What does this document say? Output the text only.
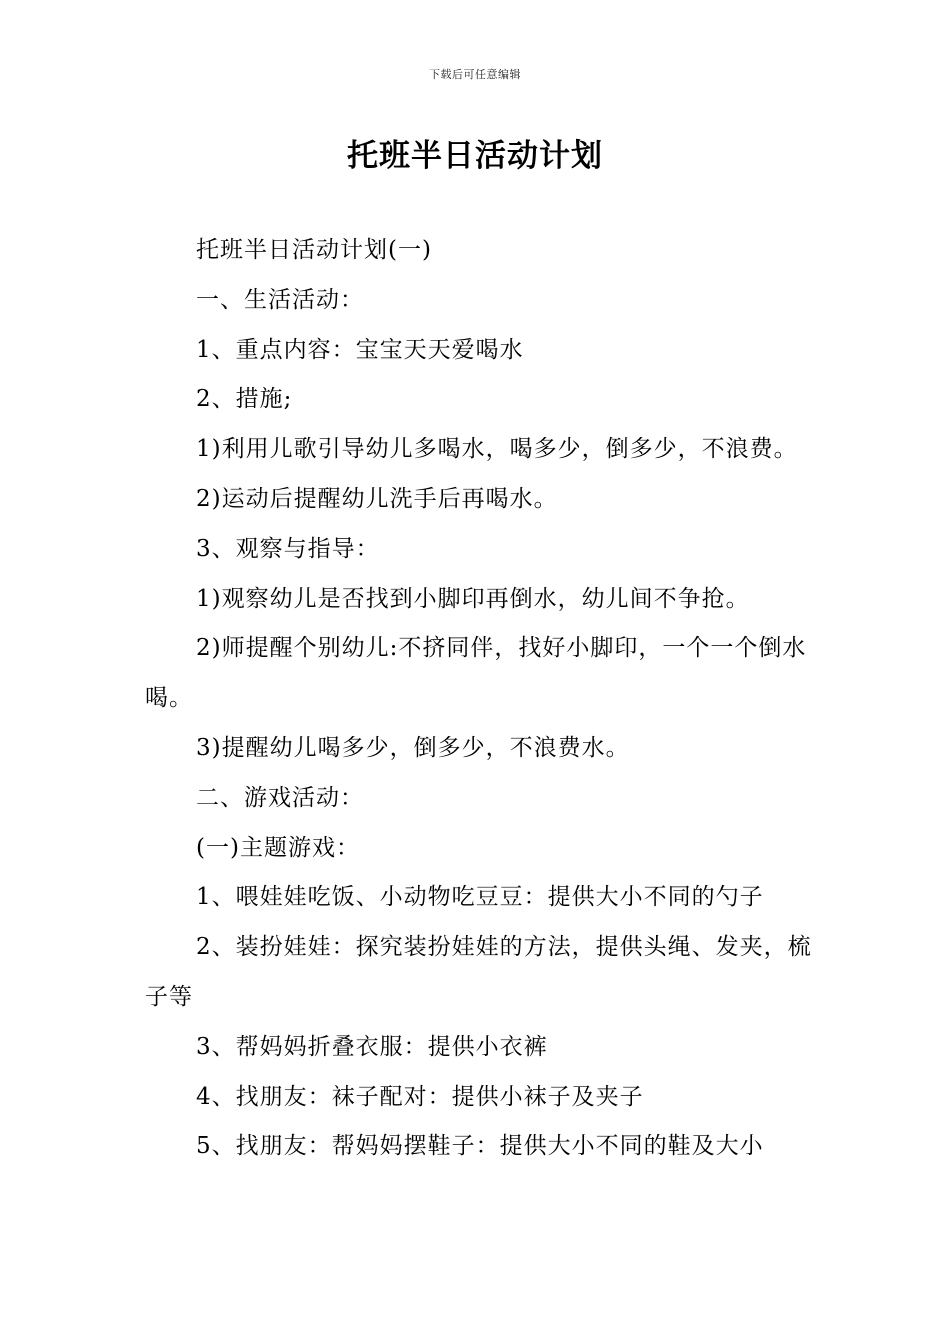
下载后可任意编辑
托班半日活动计划

托班半日活动计划(一)

一、生活活动：

1、重点内容：宝宝天天爱喝水

2、措施;

1)利用儿歌引导幼儿多喝水，喝多少，倒多少，不浪费。

2)运动后提醒幼儿洗手后再喝水。

3、观察与指导：

1)观察幼儿是否找到小脚印再倒水，幼儿间不争抢。

2)师提醒个别幼儿:不挤同伴，找好小脚印，一个一个倒水喝。

3)提醒幼儿喝多少，倒多少，不浪费水。

二、游戏活动：

(一)主题游戏：

1、喂娃娃吃饭、小动物吃豆豆：提供大小不同的勺子

2、装扮娃娃：探究装扮娃娃的方法，提供头绳、发夹，梳子等

3、帮妈妈折叠衣服：提供小衣裤

4、找朋友：袜子配对：提供小袜子及夹子

5、找朋友：帮妈妈摆鞋子：提供大小不同的鞋及大小
